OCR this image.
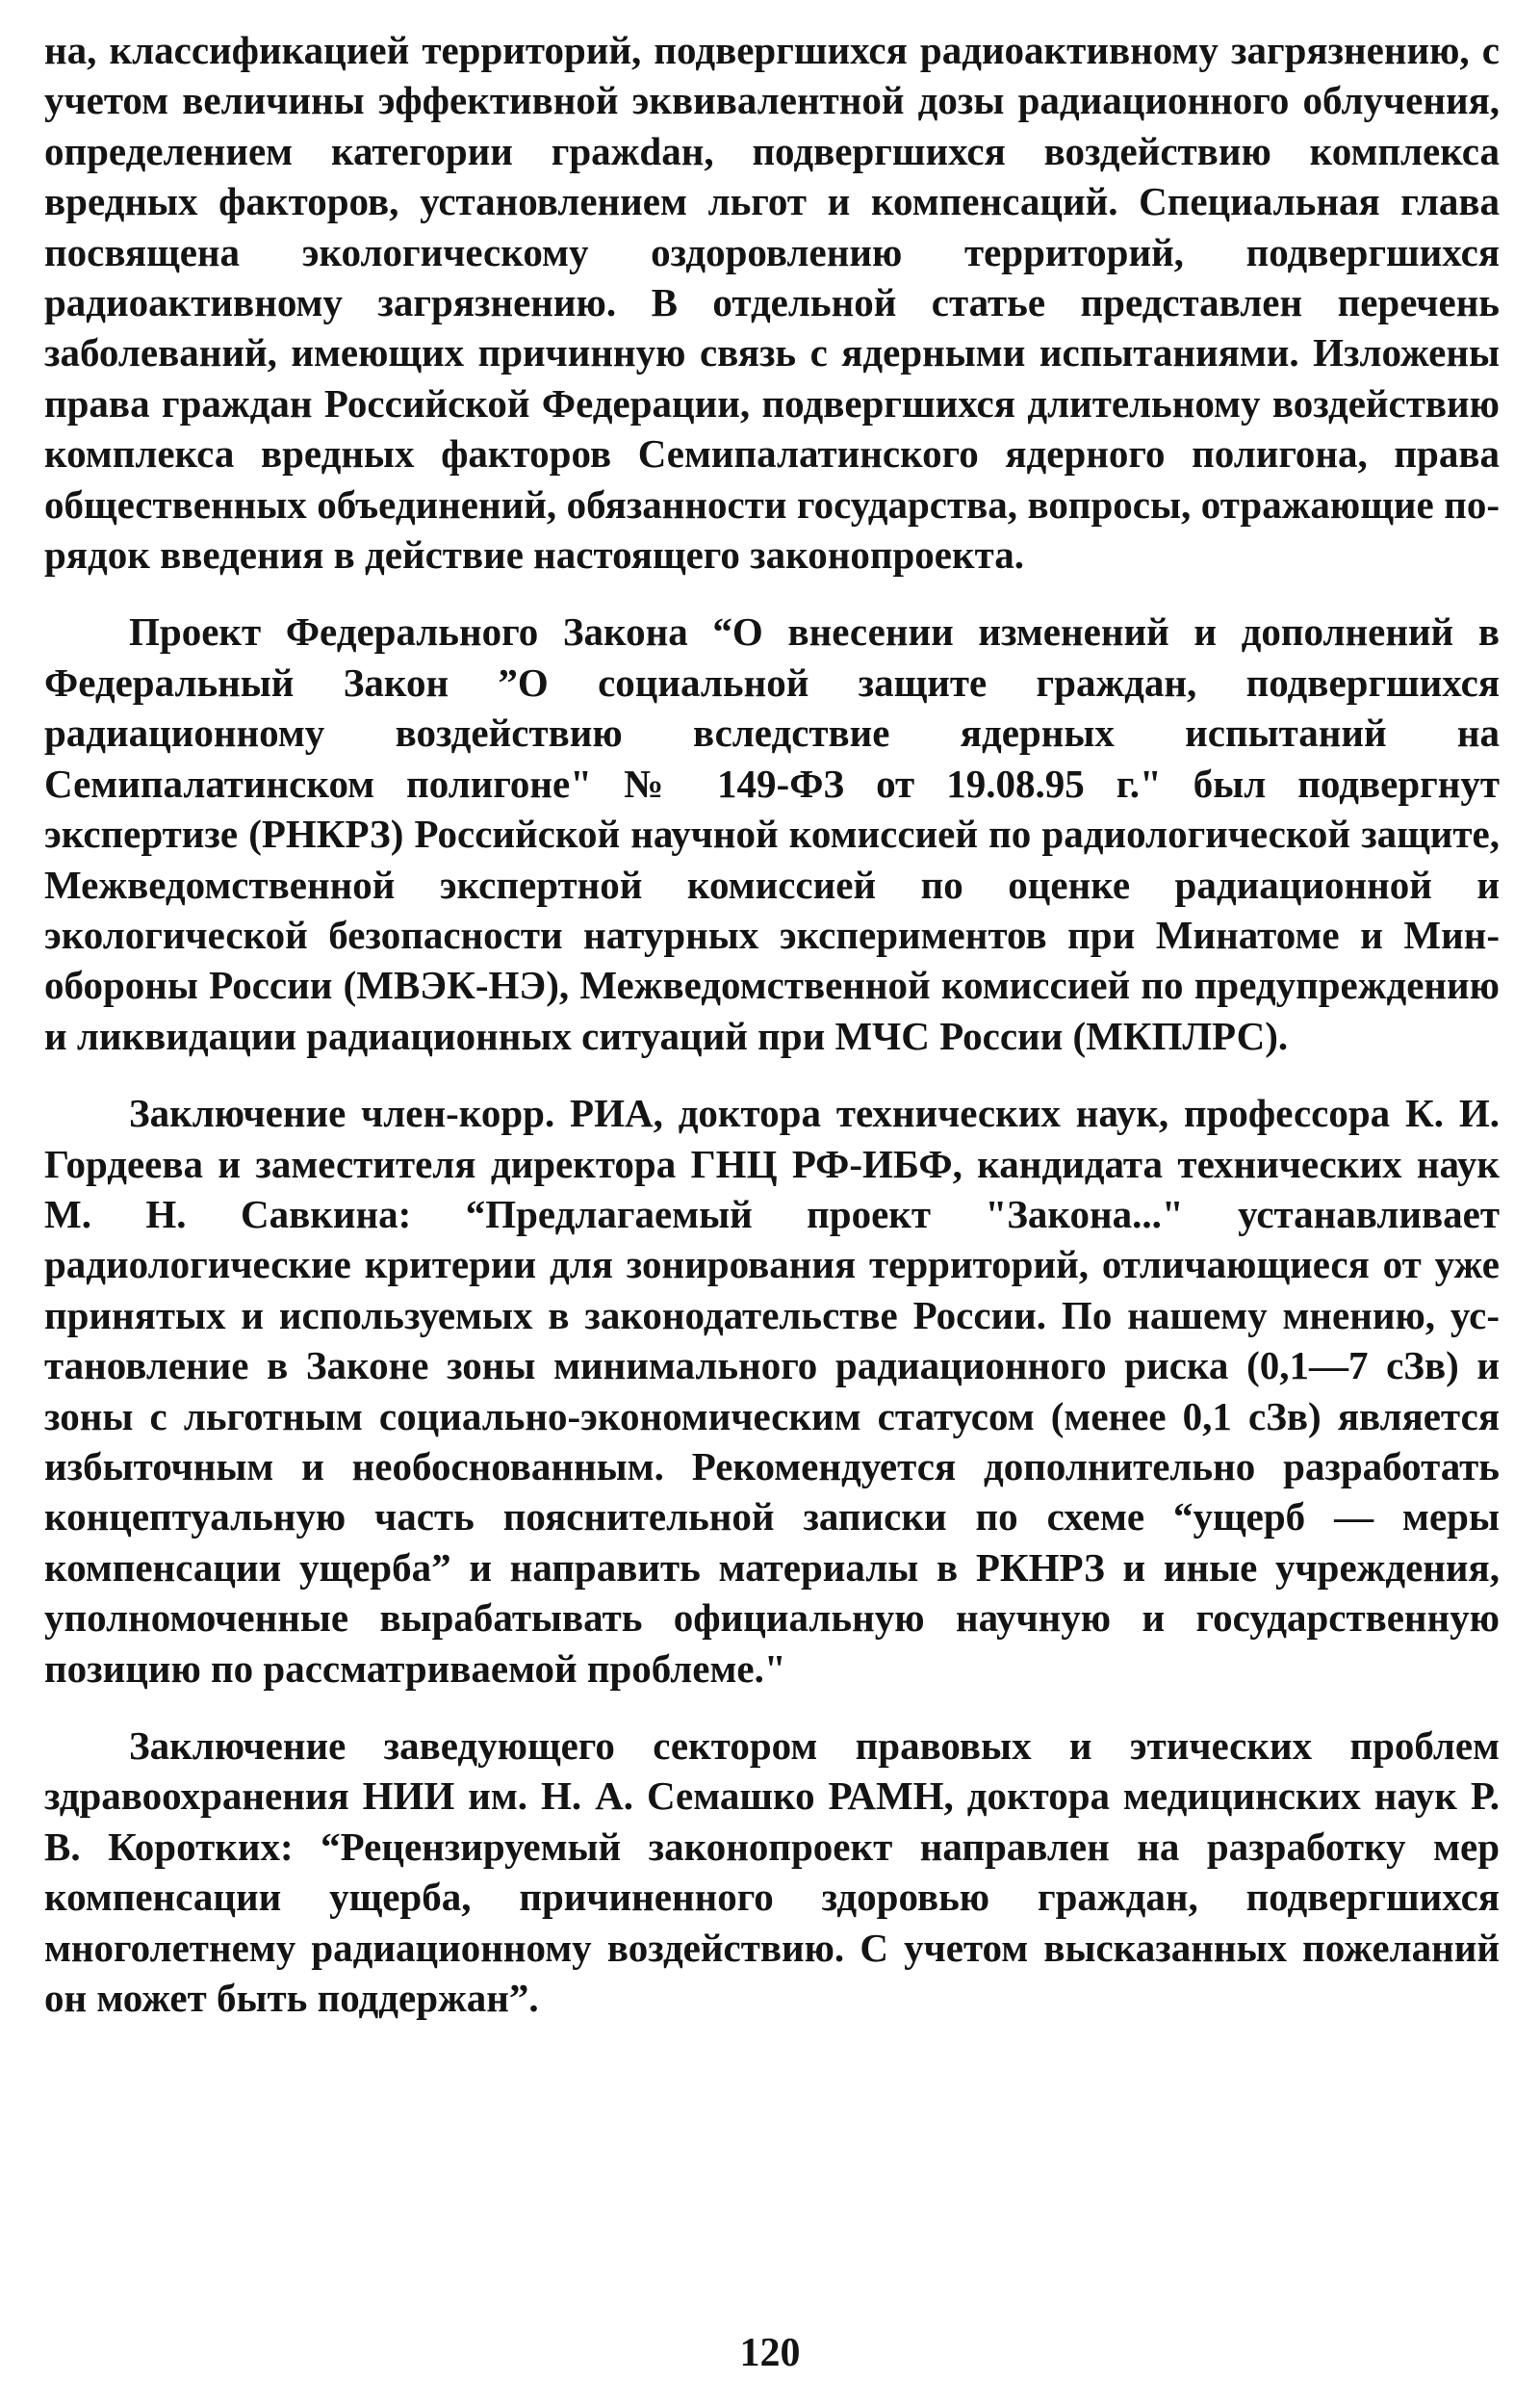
на, классификацией территорий, подвергшихся радиоактивному загрязнению, с учетом величины эффективной эквивалентной дозы радиационного облучения, определением категории гражdан, подвергшихся воздействию комплекса вредных факторов, установлением льгот и компенсаций. Специальная глава посвящена экологическому оздоровлению территорий, подвергшихся радиоактивному загрязнению. В отдельной статье представлен перечень заболеваний, имеющих причинную связь с ядерными испытаниями. Изложены права граждан Российской Федерации, подвергшихся длительному воздействию комплекса вредных факторов Семипалатинского ядерного полигона, права общественных объединений, обязанности государства, вопросы, отражающие порядок введения в действие настоящего законопроекта.

Проект Федерального Закона “О внесении изменений и дополнений в Федеральный Закон ”О социальной защите граждан, подвергшихся радиационному воздействию вследствие ядерных испытаний на Семипалатинском полигоне" № 149-ФЗ от 19.08.95 г." был подвергнут экспертизе (РНКРЗ) Российской научной комиссией по радиологической защите, Межведомственной экспертной комиссией по оценке радиационной и экологической безопасности натурных экспериментов при Минатоме и Минобороны России (МВЭК-НЭ), Межведомственной комиссией по предупреждению и ликвидации радиационных ситуаций при МЧС России (МКПЛРС).

Заключение член-корр. РИА, доктора технических наук, профессора К. И. Гордеева и заместителя директора ГНЦ РФ-ИБФ, кандидата технических наук М. Н. Савкина: “Предлагаемый проект "Закона..." устанавливает радиологические критерии для зонирования территорий, отличающиеся от уже принятых и используемых в законодательстве России. По нашему мнению, установление в Законе зоны минимального радиационного риска (0,1—7 сЗв) и зоны с льготным социально-экономическим статусом (менее 0,1 сЗв) является избыточным и необоснованным. Рекомендуется дополнительно разработать концептуальную часть пояснительной записки по схеме “ущерб — меры компенсации ущерба” и направить материалы в РКНРЗ и иные учреждения, уполномоченные вырабатывать официальную научную и государственную позицию по рассматриваемой проблеме."

Заключение заведующего сектором правовых и этических проблем здравоохранения НИИ им. Н. А. Семашко РАМН, доктора медицинских наук Р. В. Коротких: “Рецензируемый законопроект направлен на разработку мер компенсации ущерба, причиненного здоровью граждан, подвергшихся многолетнему радиационному воздействию. С учетом высказанных пожеланий он может быть поддержан”.

120
